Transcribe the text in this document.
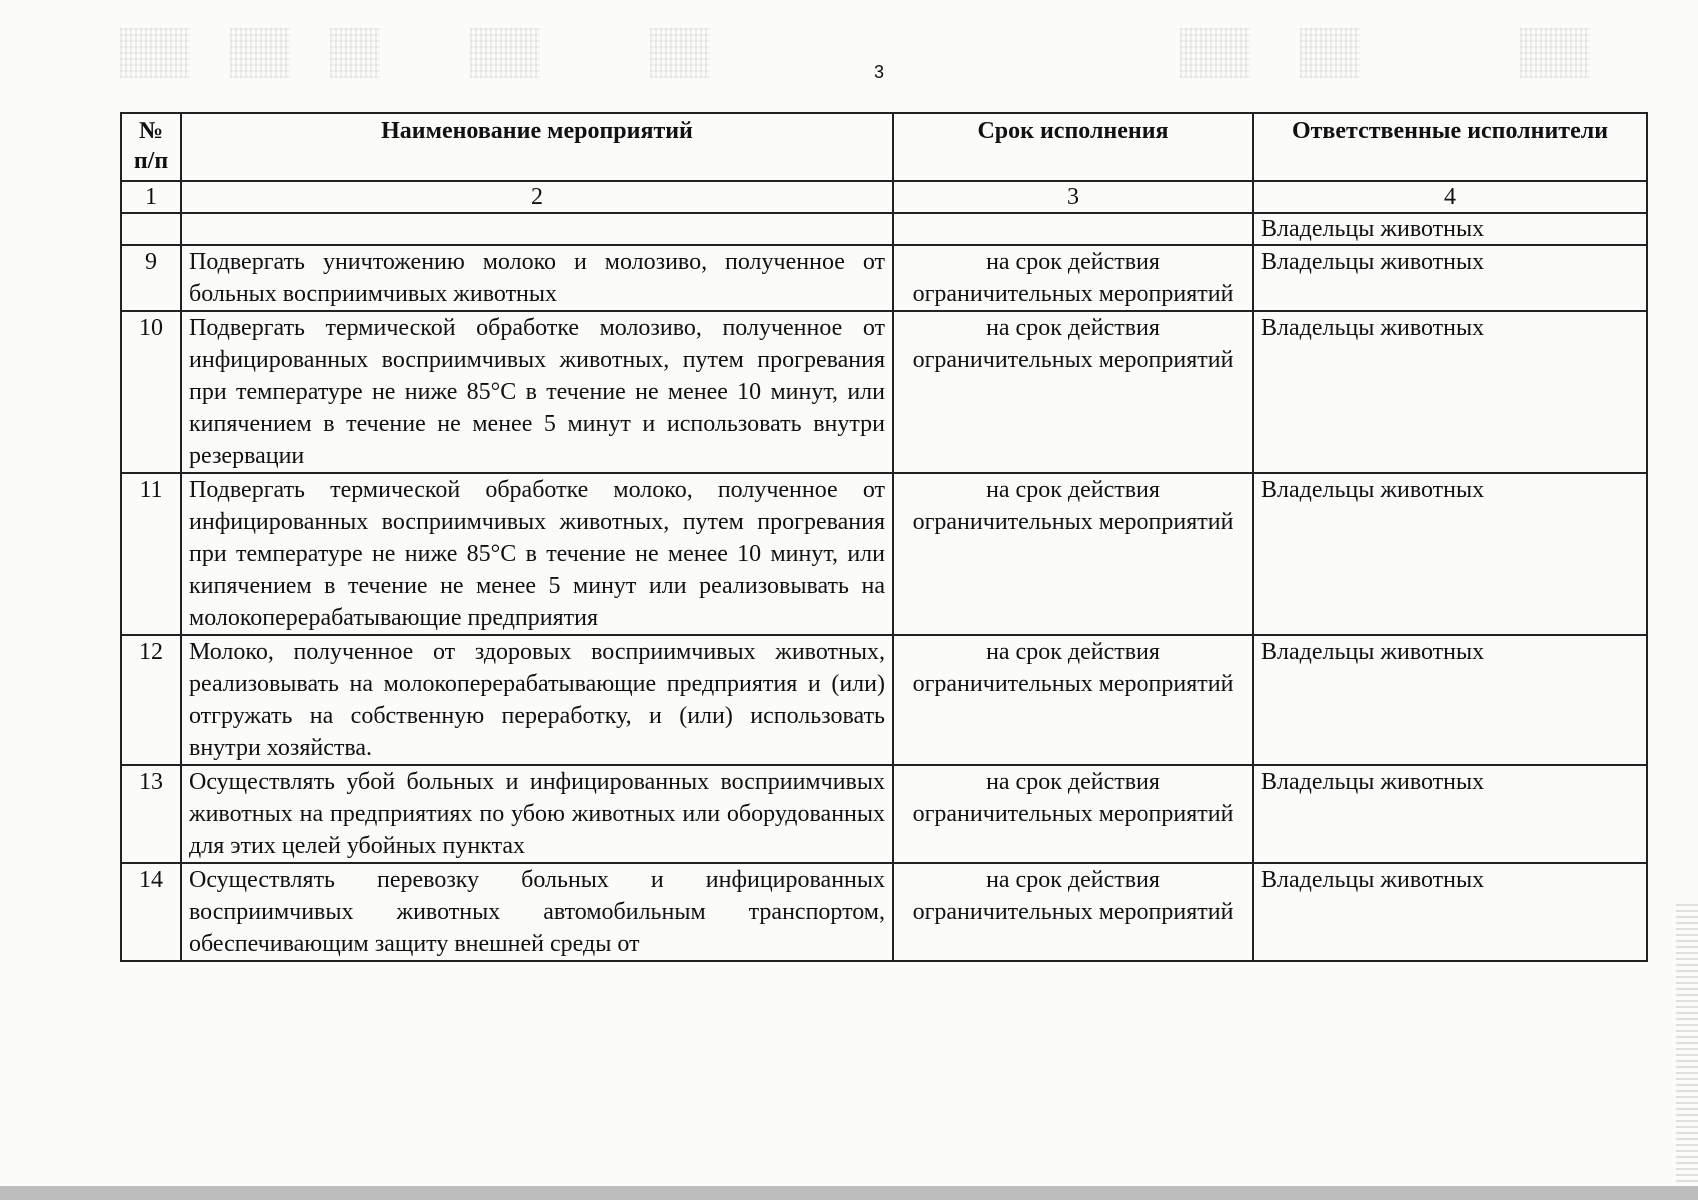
3
№ п/п	Наименование мероприятий	Срок исполнения	Ответственные исполнители
1	2	3	4
			Владельцы животных
9	Подвергать уничтожению молоко и молозиво, полученное от больных восприимчивых животных	на срок действия ограничительных мероприятий	Владельцы животных
10	Подвергать термической обработке молозиво, полученное от инфицированных восприимчивых животных, путем прогревания при температуре не ниже 85°С в течение не менее 10 минут, или кипячением в течение не менее 5 минут и использовать внутри резервации	на срок действия ограничительных мероприятий	Владельцы животных
11	Подвергать термической обработке молоко, полученное от инфицированных восприимчивых животных, путем прогревания при температуре не ниже 85°С в течение не менее 10 минут, или кипячением в течение не менее 5 минут или реализовывать на молокоперерабатывающие предприятия	на срок действия ограничительных мероприятий	Владельцы животных
12	Молоко, полученное от здоровых восприимчивых животных, реализовывать на молокоперерабатывающие предприятия и (или) отгружать на собственную переработку, и (или) использовать внутри хозяйства.	на срок действия ограничительных мероприятий	Владельцы животных
13	Осуществлять убой больных и инфицированных восприимчивых животных на предприятиях по убою животных или оборудованных для этих целей убойных пунктах	на срок действия ограничительных мероприятий	Владельцы животных
14	Осуществлять перевозку больных и инфицированных восприимчивых животных автомобильным транспортом, обеспечивающим защиту внешней среды от	на срок действия ограничительных мероприятий	Владельцы животных
